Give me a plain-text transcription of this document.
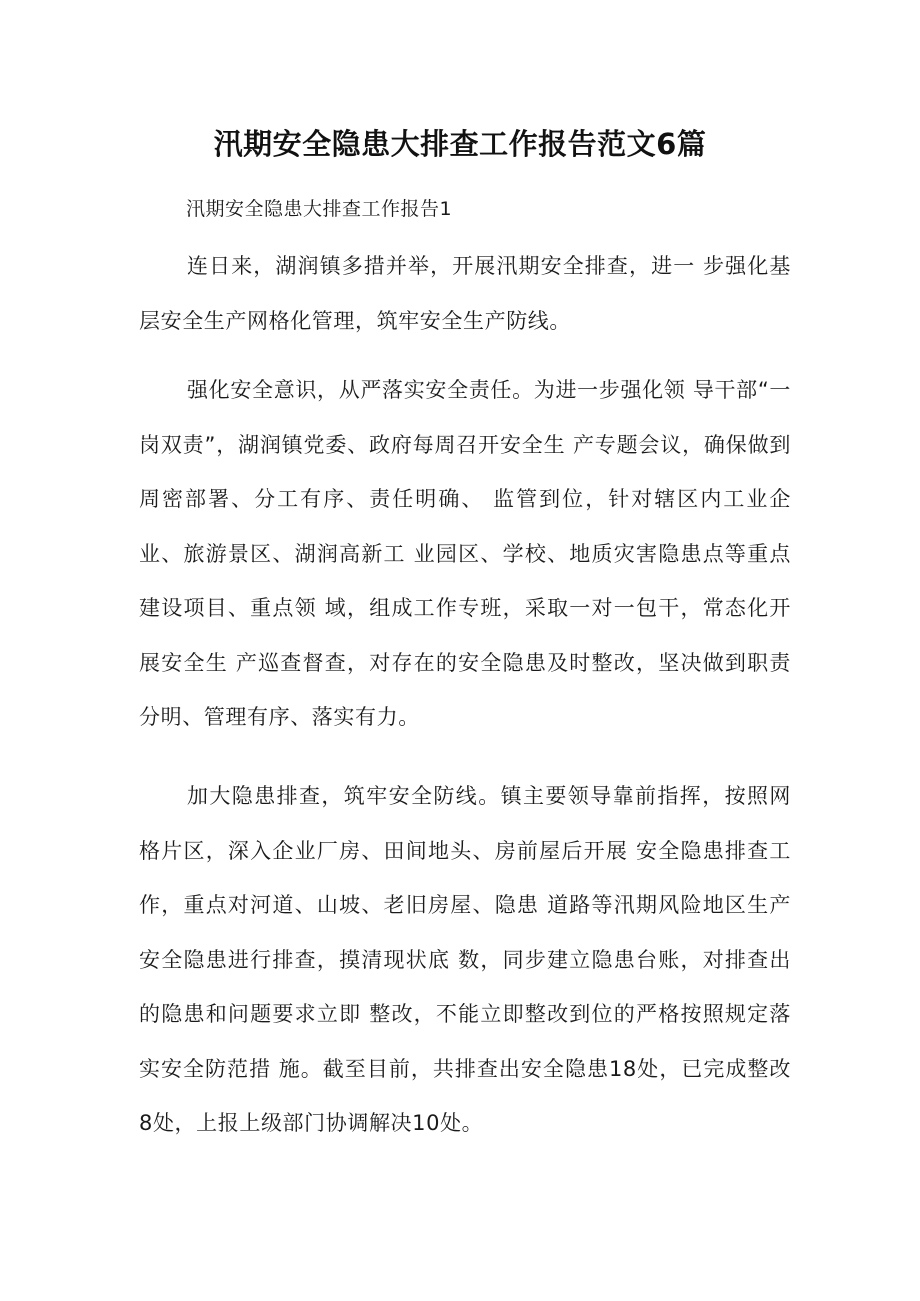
汛期安全隐患大排查工作报告范文6篇

汛期安全隐患大排查工作报告1

连日来，湖润镇多措并举，开展汛期安全排查，进一 步强化基层安全生产网格化管理，筑牢安全生产防线。

强化安全意识，从严落实安全责任。为进一步强化领 导干部“一岗双责”，湖润镇党委、政府每周召开安全生 产专题会议，确保做到周密部署、分工有序、责任明确、 监管到位，针对辖区内工业企业、旅游景区、湖润高新工 业园区、学校、地质灾害隐患点等重点建设项目、重点领 域，组成工作专班，采取一对一包干，常态化开展安全生 产巡查督查，对存在的安全隐患及时整改，坚决做到职责 分明、管理有序、落实有力。

加大隐患排查，筑牢安全防线。镇主要领导靠前指挥，按照网格片区，深入企业厂房、田间地头、房前屋后开展 安全隐患排查工作，重点对河道、山坡、老旧房屋、隐患 道路等汛期风险地区生产安全隐患进行排查，摸清现状底 数，同步建立隐患台账，对排查出的隐患和问题要求立即 整改，不能立即整改到位的严格按照规定落实安全防范措 施。截至目前，共排查出安全隐患18处，已完成整改8处，上报上级部门协调解决10处。
